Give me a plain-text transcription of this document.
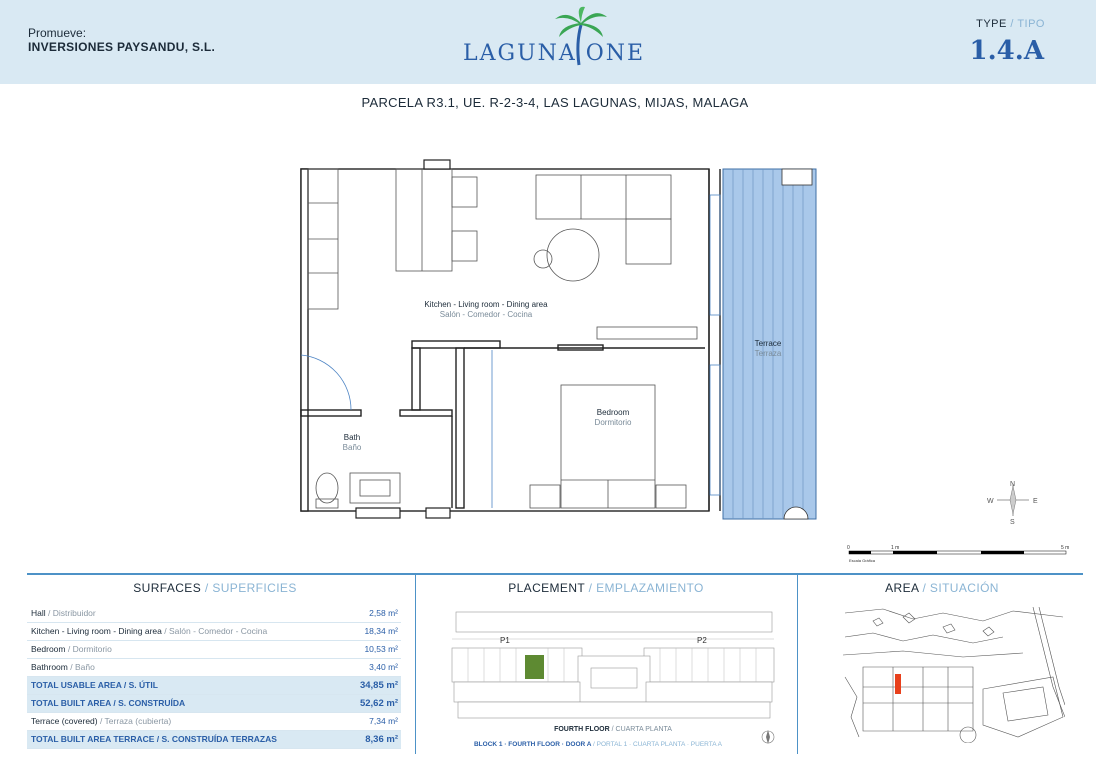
Promueve:
INVERSIONES PAYSANDU, S.L.	LAGUNA ONE
TYPE / TIPO
1.4.A
PARCELA R3.1, UE. R-2-3-4, LAS LAGUNAS, MIJAS, MALAGA
Kitchen - Living room - Dining area
Salón - Comedor - Cocina
Bedroom
Dormitorio
Bath
Baño
Terrace
Terraza
N
S
E
W
0	1 m	5 m
Escala Gráfica
SURFACES / SUPERFICIES	PLACEMENT / EMPLAZAMIENTO	AREA / SITUACIÓN
Hall / Distribuidor	2,58 m²
Kitchen - Living room - Dining area / Salón - Comedor - Cocina	18,34 m²
Bedroom / Dormitorio	10,53 m²
Bathroom / Baño	3,40 m²
TOTAL USABLE AREA / S. ÚTIL	34,85 m²
TOTAL BUILT AREA / S. CONSTRUÍDA	52,62 m²
Terrace (covered) / Terraza (cubierta)	7,34 m²
TOTAL BUILT AREA TERRACE / S. CONSTRUÍDA TERRAZAS	8,36 m²
P1	P2
FOURTH FLOOR / CUARTA PLANTA
BLOCK 1 · FOURTH FLOOR · DOOR A / PORTAL 1 · CUARTA PLANTA · PUERTA A
